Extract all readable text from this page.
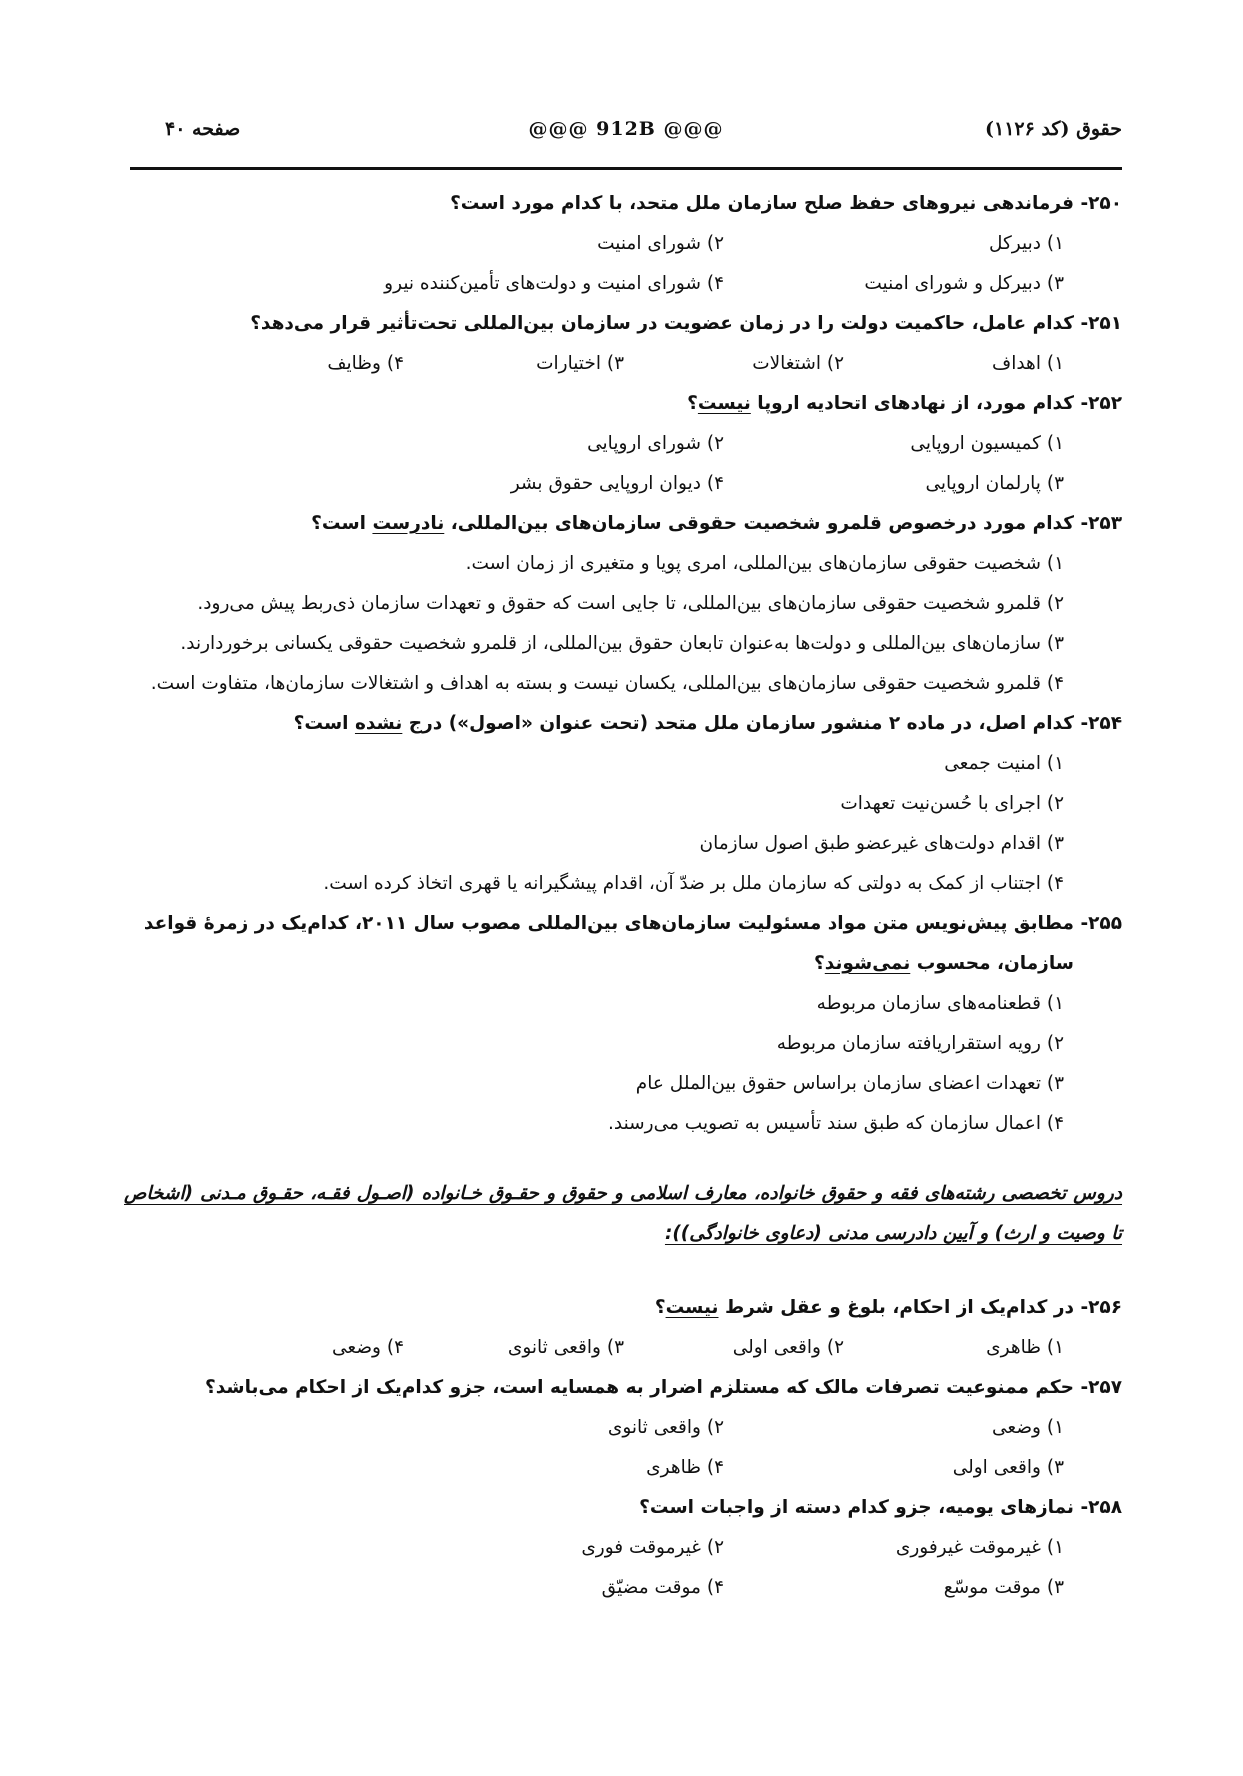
حقوق (کد ۱۱۲۶)
@@@ 912B @@@
صفحه ۴۰
۲۵۰-

فرماندهی نیروهای حفظ صلح سازمان ملل متحد، با کدام مورد است؟
۱) دبیرکل
۲) شورای امنیت
۳) دبیرکل و شورای امنیت
۴) شورای امنیت و دولت‌های تأمین‌کننده نیرو
۲۵۱-

کدام عامل، حاکمیت دولت را در زمان عضویت در سازمان بین‌المللی تحت‌تأثیر قرار می‌دهد؟
۱) اهداف
۲) اشتغالات
۳) اختیارات
۴) وظایف
۲۵۲-

کدام مورد، از نهادهای اتحادیه اروپا نیست؟
۱) کمیسیون اروپایی
۲) شورای اروپایی
۳) پارلمان اروپایی
۴) دیوان اروپایی حقوق بشر
۲۵۳-

کدام مورد درخصوص قلمرو شخصیت حقوقی سازمان‌های بین‌المللی، نادرست است؟
۱) شخصیت حقوقی سازمان‌های بین‌المللی، امری پویا و متغیری از زمان است.
۲) قلمرو شخصیت حقوقی سازمان‌های بین‌المللی، تا جایی است که حقوق و تعهدات سازمان ذی‌ربط پیش می‌رود.
۳) سازمان‌های بین‌المللی و دولت‌ها به‌عنوان تابعان حقوق بین‌المللی، از قلمرو شخصیت حقوقی یکسانی برخوردارند.
۴) قلمرو شخصیت حقوقی سازمان‌های بین‌المللی، یکسان نیست و بسته به اهداف و اشتغالات سازمان‌ها، متفاوت است.
۲۵۴-

کدام اصل، در ماده ۲ منشور سازمان ملل متحد (تحت عنوان «اصول») درج نشده است؟
۱) امنیت جمعی
۲) اجرای با حُسن‌نیت تعهدات
۳) اقدام دولت‌های غیرعضو طبق اصول سازمان
۴) اجتناب از کمک به دولتی که سازمان ملل بر ضدّ آن، اقدام پیشگیرانه یا قهری اتخاذ کرده است.
۲۵۵-

مطابق پیش‌نویس متن مواد مسئولیت سازمان‌های بین‌المللی مصوب سال ۲۰۱۱، کدام‌یک در زمرهٔ قواعد سازمان، محسوب نمی‌شوند؟
۱) قطعنامه‌های سازمان مربوطه
۲) رویه استقراریافته سازمان مربوطه
۳) تعهدات اعضای سازمان براساس حقوق بین‌الملل عام
۴) اعمال سازمان که طبق سند تأسیس به تصویب می‌رسند.
دروس تخصصی رشته‌های فقه و حقوق خانواده، معارف اسلامی و حقوق و حقـوق خـانواده (اصـول فقـه، حقـوق مـدنی (اشخاص تا وصیت و ارث) و آیین دادرسی مدنی (دعاوی خانوادگی)):
۲۵۶-

در کدام‌یک از احکام، بلوغ و عقل شرط نیست؟
۱) ظاهری
۲) واقعی اولی
۳) واقعی ثانوی
۴) وضعی
۲۵۷-

حکم ممنوعیت تصرفات مالک که مستلزم اضرار به همسایه است، جزو کدام‌یک از احکام می‌باشد؟
۱) وضعی
۲) واقعی ثانوی
۳) واقعی اولی
۴) ظاهری
۲۵۸-

نمازهای یومیه، جزو کدام دسته از واجبات است؟
۱) غیرموقت غیرفوری
۲) غیرموقت فوری
۳) موقت موسّع
۴) موقت مضیّق
